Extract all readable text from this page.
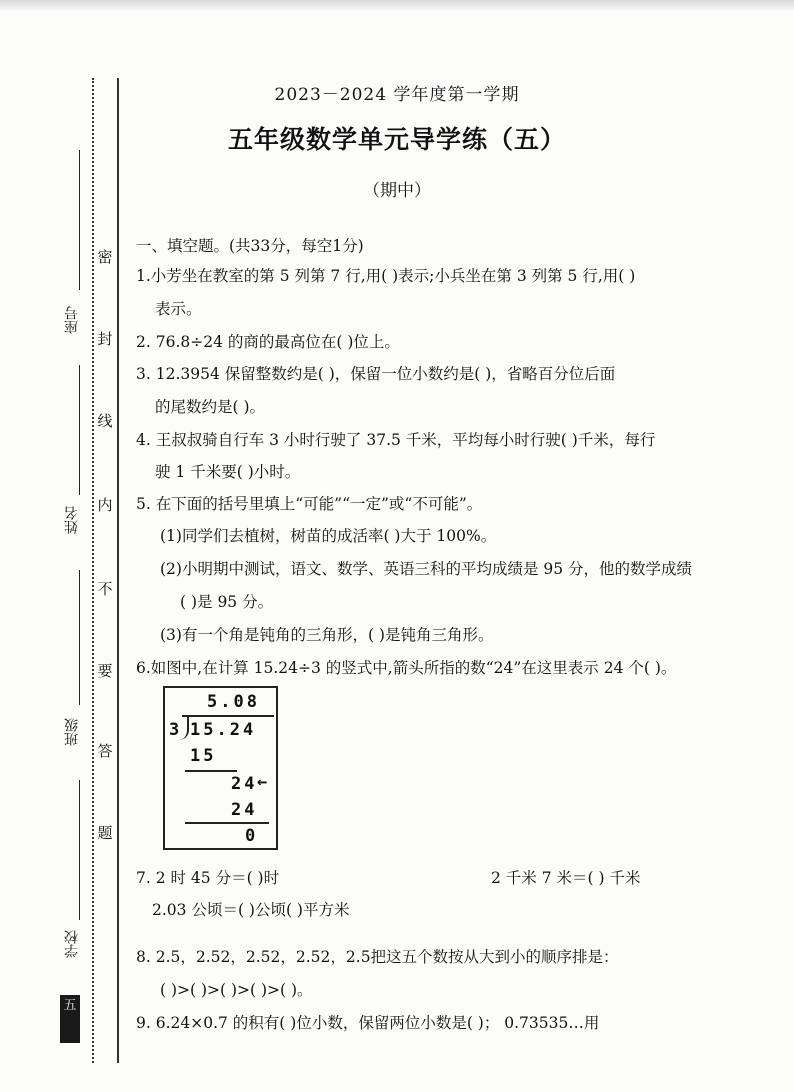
密
封
线
内
不
要
答
题
座号
姓名
班级
学校
五
2023－2024 学年度第一学期
五年级数学单元导学练（五）
（期中）
一、填空题。(共33分，每空1分)
1.小芳坐在教室的第 5 列第 7 行,用( )表示;小兵坐在第 3 列第 5 行,用( )
表示。
2. 76.8÷24 的商的最高位在( )位上。
3. 12.3954 保留整数约是( )，保留一位小数约是( )，省略百分位后面
的尾数约是( )。
4. 王叔叔骑自行车 3 小时行驶了 37.5 千米，平均每小时行驶( )千米，每行
驶 1 千米要( )小时。
5. 在下面的括号里填上“可能”“一定”或“不可能”。
(1)同学们去植树，树苗的成活率( )大于 100%。
(2)小明期中测试，语文、数学、英语三科的平均成绩是 95 分，他的数学成绩
( )是 95 分。
(3)有一个角是钝角的三角形，( )是钝角三角形。
6.如图中,在计算 15.24÷3 的竖式中,箭头所指的数“24”在这里表示 24 个( )。
5.08
3 15.24
15
24 ←
24
0
7. 2 时 45 分＝( )时	2 千米 7 米＝( ) 千米
2.03 公顷＝( )公顷( )平方米
8. 2.5，2.52，2.52，2.52，2.5把这五个数按从大到小的顺序排是：
( )>( )>( )>( )>( )。
9. 6.24×0.7 的积有( )位小数，保留两位小数是( )； 0.73535…用
